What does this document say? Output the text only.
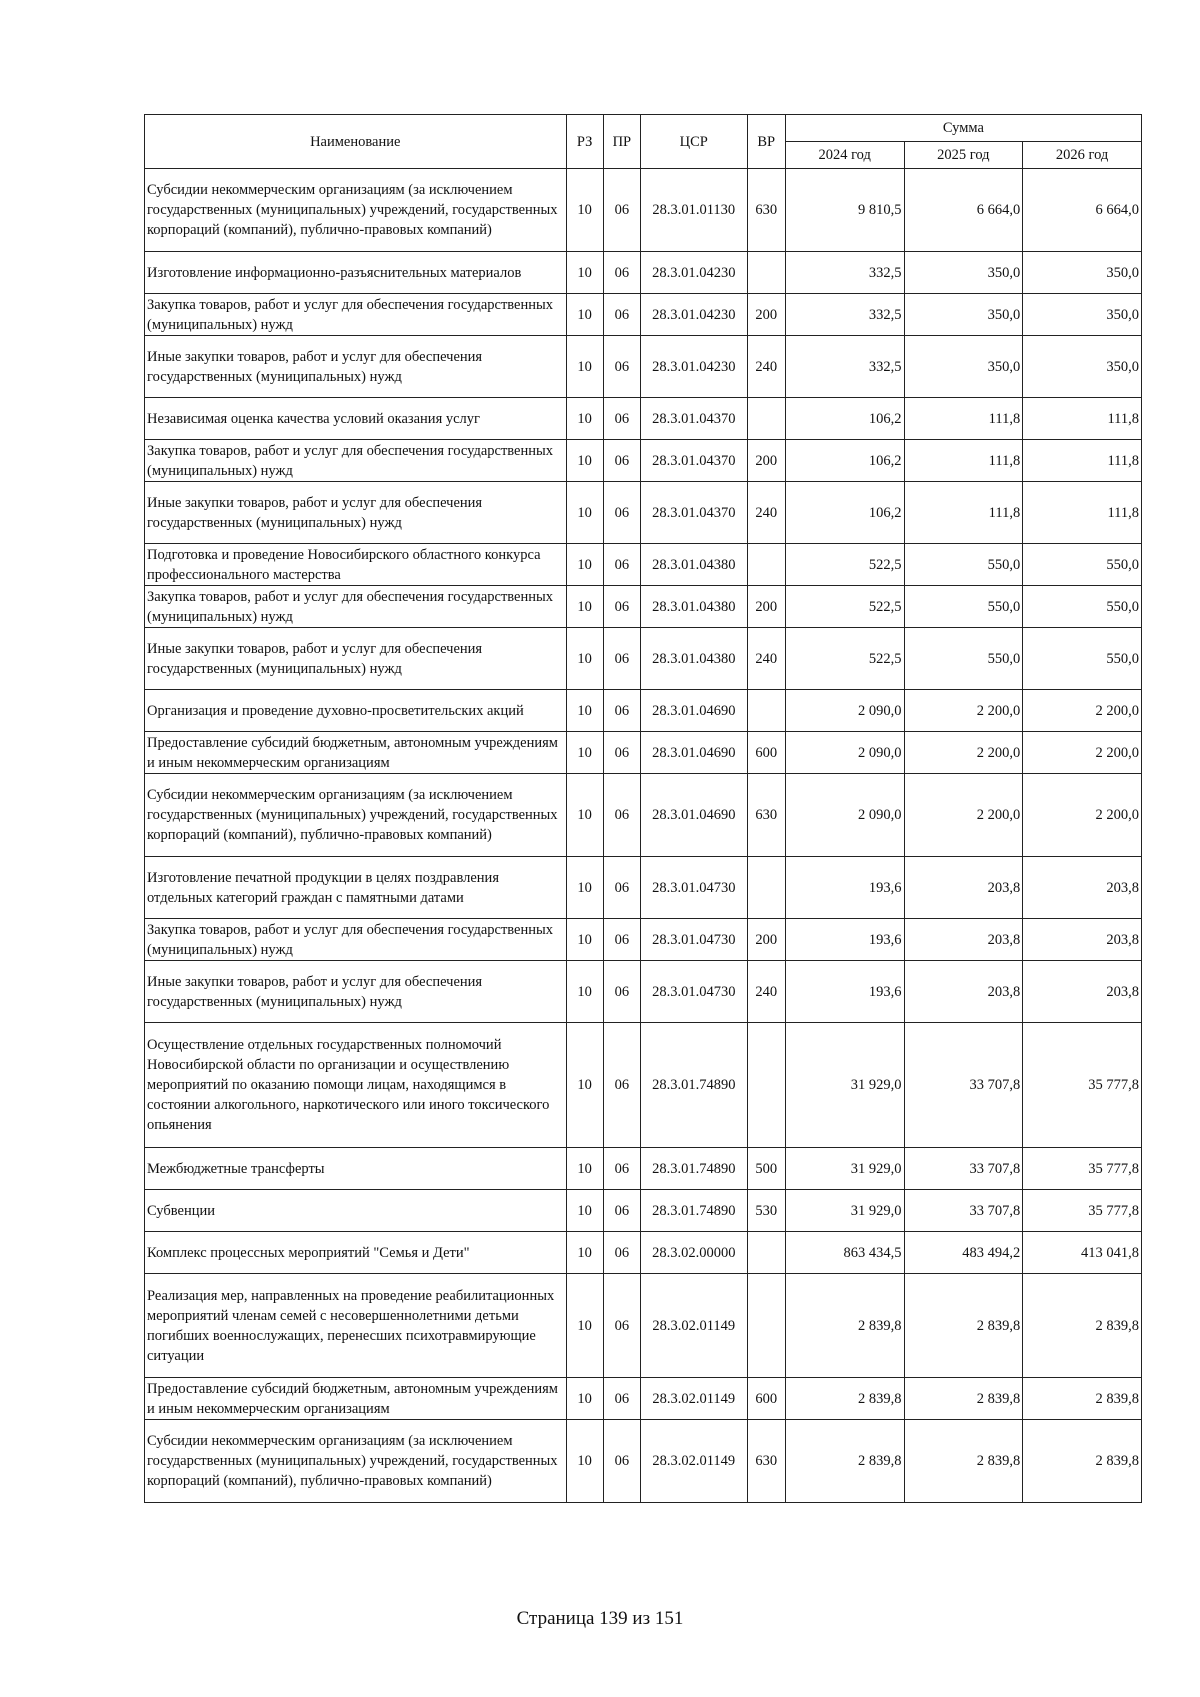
Наименование	РЗ	ПР	ЦСР	ВР	Сумма		
					2024 год	2025 год	2026 год
Субсидии некоммерческим организациям (за исключением государственных (муниципальных) учреждений, государственных корпораций (компаний), публично-правовых компаний)	10	06	28.3.01.01130	630	9 810,5	6 664,0	6 664,0
Изготовление информационно-разъяснительных материалов	10	06	28.3.01.04230		332,5	350,0	350,0
Закупка товаров, работ и услуг для обеспечения государственных (муниципальных) нужд	10	06	28.3.01.04230	200	332,5	350,0	350,0
Иные закупки товаров, работ и услуг для обеспечения государственных (муниципальных) нужд	10	06	28.3.01.04230	240	332,5	350,0	350,0
Независимая оценка качества условий оказания услуг	10	06	28.3.01.04370		106,2	111,8	111,8
Закупка товаров, работ и услуг для обеспечения государственных (муниципальных) нужд	10	06	28.3.01.04370	200	106,2	111,8	111,8
Иные закупки товаров, работ и услуг для обеспечения государственных (муниципальных) нужд	10	06	28.3.01.04370	240	106,2	111,8	111,8
Подготовка и проведение Новосибирского областного конкурса профессионального мастерства	10	06	28.3.01.04380		522,5	550,0	550,0
Закупка товаров, работ и услуг для обеспечения государственных (муниципальных) нужд	10	06	28.3.01.04380	200	522,5	550,0	550,0
Иные закупки товаров, работ и услуг для обеспечения государственных (муниципальных) нужд	10	06	28.3.01.04380	240	522,5	550,0	550,0
Организация и проведение духовно-просветительских акций	10	06	28.3.01.04690		2 090,0	2 200,0	2 200,0
Предоставление субсидий бюджетным, автономным учреждениям и иным некоммерческим организациям	10	06	28.3.01.04690	600	2 090,0	2 200,0	2 200,0
Субсидии некоммерческим организациям (за исключением государственных (муниципальных) учреждений, государственных корпораций (компаний), публично-правовых компаний)	10	06	28.3.01.04690	630	2 090,0	2 200,0	2 200,0
Изготовление печатной продукции в целях поздравления отдельных категорий граждан с памятными датами	10	06	28.3.01.04730		193,6	203,8	203,8
Закупка товаров, работ и услуг для обеспечения государственных (муниципальных) нужд	10	06	28.3.01.04730	200	193,6	203,8	203,8
Иные закупки товаров, работ и услуг для обеспечения государственных (муниципальных) нужд	10	06	28.3.01.04730	240	193,6	203,8	203,8
Осуществление отдельных государственных полномочий Новосибирской области по организации и осуществлению мероприятий по оказанию помощи лицам, находящимся в состоянии алкогольного, наркотического или иного токсического опьянения	10	06	28.3.01.74890		31 929,0	33 707,8	35 777,8
Межбюджетные трансферты	10	06	28.3.01.74890	500	31 929,0	33 707,8	35 777,8
Субвенции	10	06	28.3.01.74890	530	31 929,0	33 707,8	35 777,8
Комплекс процессных мероприятий "Семья и Дети"	10	06	28.3.02.00000		863 434,5	483 494,2	413 041,8
Реализация мер, направленных на проведение реабилитационных мероприятий членам семей с несовершеннолетними детьми погибших военнослужащих, перенесших психотравмирующие ситуации	10	06	28.3.02.01149		2 839,8	2 839,8	2 839,8
Предоставление субсидий бюджетным, автономным учреждениям и иным некоммерческим организациям	10	06	28.3.02.01149	600	2 839,8	2 839,8	2 839,8
Субсидии некоммерческим организациям (за исключением государственных (муниципальных) учреждений, государственных корпораций (компаний), публично-правовых компаний)	10	06	28.3.02.01149	630	2 839,8	2 839,8	2 839,8
Страница 139 из 151
